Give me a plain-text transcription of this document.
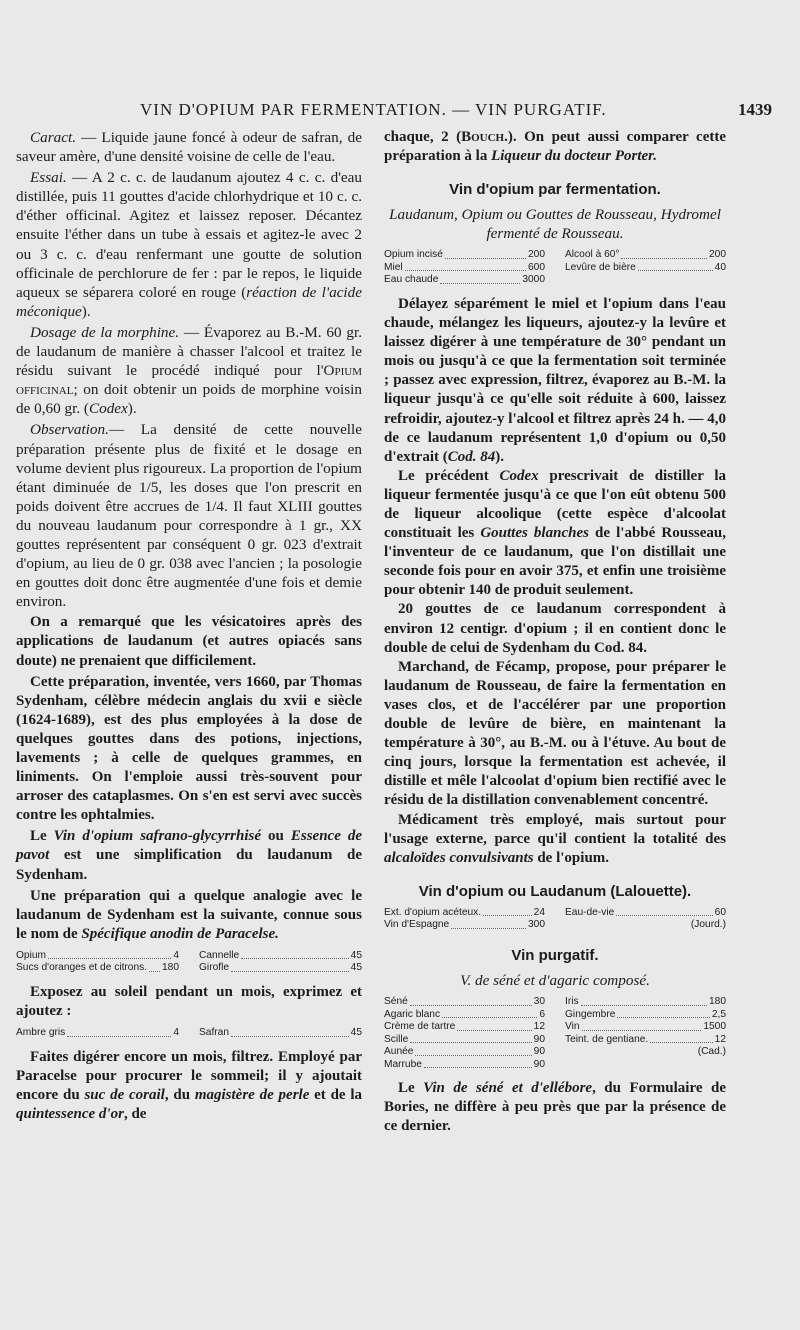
VIN D'OPIUM PAR FERMENTATION. — VIN PURGATIF.	1439

Caract. — Liquide jaune foncé à odeur de safran, de saveur amère, d'une densité voisine de celle de l'eau.

Essai. — A 2 c. c. de laudanum ajoutez 4 c. c. d'eau distillée, puis 11 gouttes d'acide chlorhydrique et 10 c. c. d'éther officinal. Agitez et laissez reposer. Décantez ensuite l'éther dans un tube à essais et agitez-le avec 2 ou 3 c. c. d'eau renfermant une goutte de solution officinale de perchlorure de fer : par le repos, le liquide aqueux se séparera coloré en rouge (réaction de l'acide méconique).

Dosage de la morphine. — Évaporez au B.-M. 60 gr. de laudanum de manière à chasser l'alcool et traitez le résidu suivant le procédé indiqué pour l'Opium officinal; on doit obtenir un poids de morphine voisin de 0,60 gr. (Codex).

Observation.— La densité de cette nouvelle préparation présente plus de fixité et le dosage en volume devient plus rigoureux. La proportion de l'opium étant diminuée de 1/5, les doses que l'on prescrit en poids doivent être accrues de 1/4. Il faut XLIII gouttes du nouveau laudanum pour correspondre à 1 gr., XX gouttes représentent par conséquent 0 gr. 023 d'extrait d'opium, au lieu de 0 gr. 038 avec l'ancien ; la posologie en gouttes doit donc être augmentée d'une fois et demie environ.

On a remarqué que les vésicatoires après des applications de laudanum (et autres opiacés sans doute) ne prenaient que difficilement.

Cette préparation, inventée, vers 1660, par Thomas Sydenham, célèbre médecin anglais du xvii e siècle (1624-1689), est des plus employées à la dose de quelques gouttes dans des potions, injections, lavements ; à celle de quelques grammes, en liniments. On l'emploie aussi très-souvent pour arroser des cataplasmes. On s'en est servi avec succès contre les ophtalmies.

Le Vin d'opium safrano-glycyrrhisé ou Essence de pavot est une simplification du laudanum de Sydenham.

Une préparation qui a quelque analogie avec le laudanum de Sydenham est la suivante, connue sous le nom de Spécifique anodin de Paracelse.

Opium	4 Cannelle	45
Sucs d'oranges et de citrons. 180 Girofle	45

Exposez au soleil pendant un mois, exprimez et ajoutez :

Ambre gris	4 Safran	45

Faites digérer encore un mois, filtrez. Employé par Paracelse pour procurer le sommeil; il y ajoutait encore du suc de corail, du magistère de perle et de la quintessence d'or, de

chaque, 2 (Bouch.). On peut aussi comparer cette préparation à la Liqueur du docteur Porter.

Vin d'opium par fermentation.

Laudanum, Opium ou Gouttes de Rousseau, Hydromel fermenté de Rousseau.

Opium incisé	200 Alcool à 60°	200
Miel	600 Levûre de bière	40
Eau chaude	3000

Délayez séparément le miel et l'opium dans l'eau chaude, mélangez les liqueurs, ajoutez-y la levûre et laissez digérer à une température de 30° pendant un mois ou jusqu'à ce que la fermentation soit terminée ; passez avec expression, filtrez, évaporez au B.-M. la liqueur jusqu'à ce qu'elle soit réduite à 600, laissez refroidir, ajoutez-y l'alcool et filtrez après 24 h. — 4,0 de ce laudanum représentent 1,0 d'opium ou 0,50 d'extrait (Cod. 84).

Le précédent Codex prescrivait de distiller la liqueur fermentée jusqu'à ce que l'on eût obtenu 500 de liqueur alcoolique (cette espèce d'alcoolat constituait les Gouttes blanches de l'abbé Rousseau, l'inventeur de ce laudanum, que l'on distillait une seconde fois pour en avoir 375, et enfin une troisième pour obtenir 140 de produit seulement.

20 gouttes de ce laudanum correspondent à environ 12 centigr. d'opium ; il en contient donc le double de celui de Sydenham du Cod. 84.

Marchand, de Fécamp, propose, pour préparer le laudanum de Rousseau, de faire la fermentation en vases clos, et de l'accélérer par une proportion double de levûre de bière, en maintenant la température à 30°, au B.-M. ou à l'étuve. Au bout de cinq jours, lorsque la fermentation est achevée, il distille et mêle l'alcoolat d'opium bien rectifié avec le résidu de la distillation convenablement concentré.

Médicament très employé, mais surtout pour l'usage externe, parce qu'il contient la totalité des alcaloïdes convulsivants de l'opium.

Vin d'opium ou Laudanum (Lalouette).
Ext. d'opium acéteux.	24 Eau-de-vie	60
Vin d'Espagne	300	(Jourd.)
Vin purgatif.

V. de séné et d'agaric composé.

Séné	30 Iris	180
Agaric blanc	6 Gingembre	2,5
Crème de tartre	12 Vin	1500
Scille	90 Teint. de gentiane.	12
Aunée	90	(Cad.)
Marrube	90

Le Vin de séné et d'ellébore, du Formulaire de Bories, ne diffère à peu près que par la présence de ce dernier.
